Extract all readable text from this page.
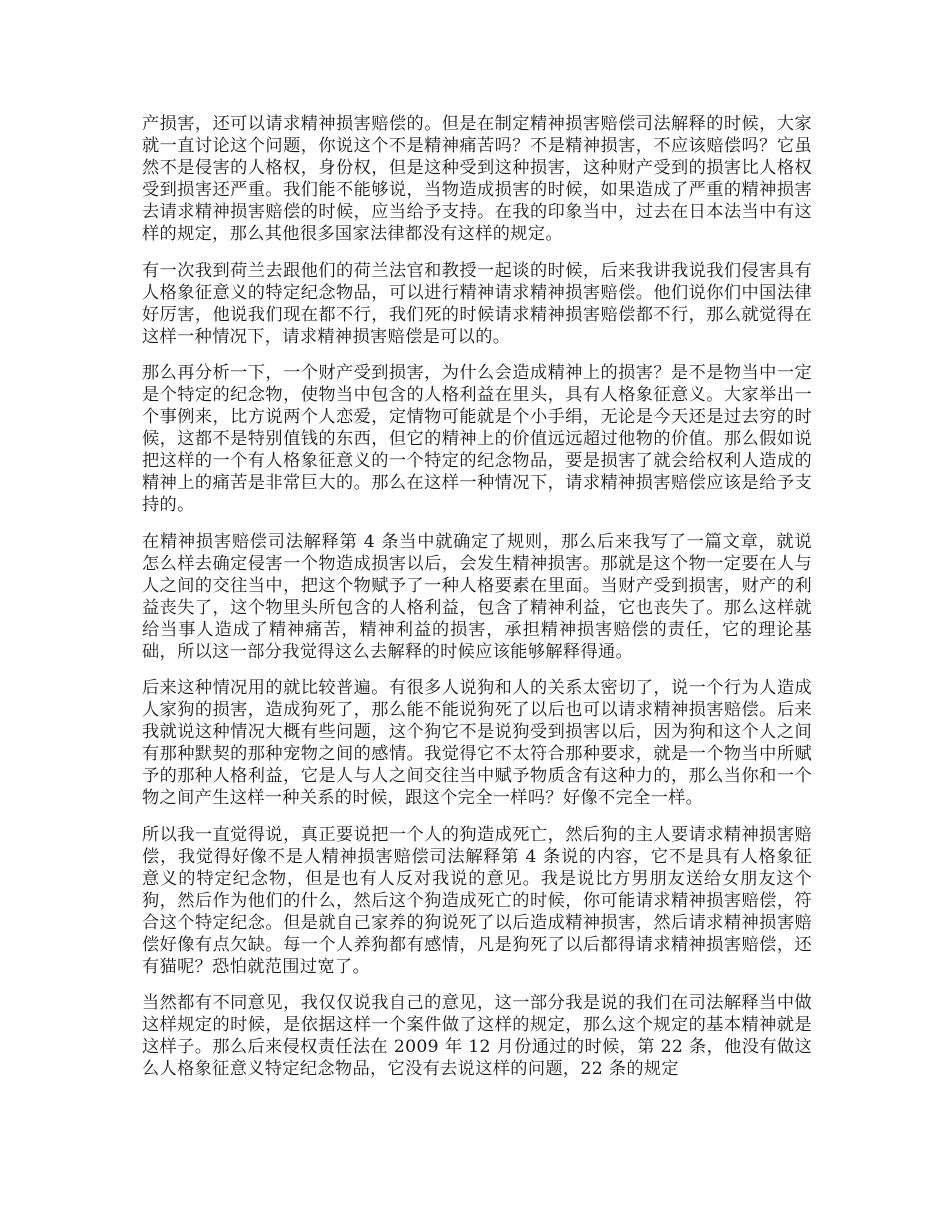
产损害，还可以请求精神损害赔偿的。但是在制定精神损害赔偿司法解释的时候，大家就一直讨论这个问题，你说这个不是精神痛苦吗？不是精神损害，不应该赔偿吗？它虽然不是侵害的人格权，身份权，但是这种受到这种损害，这种财产受到的损害比人格权受到损害还严重。我们能不能够说，当物造成损害的时候，如果造成了严重的精神损害去请求精神损害赔偿的时候，应当给予支持。在我的印象当中，过去在日本法当中有这样的规定，那么其他很多国家法律都没有这样的规定。

有一次我到荷兰去跟他们的荷兰法官和教授一起谈的时候，后来我讲我说我们侵害具有人格象征意义的特定纪念物品，可以进行精神请求精神损害赔偿。他们说你们中国法律好厉害，他说我们现在都不行，我们死的时候请求精神损害赔偿都不行，那么就觉得在这样一种情况下，请求精神损害赔偿是可以的。

那么再分析一下，一个财产受到损害，为什么会造成精神上的损害？是不是物当中一定是个特定的纪念物，使物当中包含的人格利益在里头，具有人格象征意义。大家举出一个事例来，比方说两个人恋爱，定情物可能就是个小手绢，无论是今天还是过去穷的时候，这都不是特别值钱的东西，但它的精神上的价值远远超过他物的价值。那么假如说把这样的一个有人格象征意义的一个特定的纪念物品，要是损害了就会给权利人造成的精神上的痛苦是非常巨大的。那么在这样一种情况下，请求精神损害赔偿应该是给予支持的。

在精神损害赔偿司法解释第 4 条当中就确定了规则，那么后来我写了一篇文章，就说怎么样去确定侵害一个物造成损害以后，会发生精神损害。那就是这个物一定要在人与人之间的交往当中，把这个物赋予了一种人格要素在里面。当财产受到损害，财产的利益丧失了，这个物里头所包含的人格利益，包含了精神利益，它也丧失了。那么这样就给当事人造成了精神痛苦，精神利益的损害，承担精神损害赔偿的责任，它的理论基础，所以这一部分我觉得这么去解释的时候应该能够解释得通。

后来这种情况用的就比较普遍。有很多人说狗和人的关系太密切了，说一个行为人造成人家狗的损害，造成狗死了，那么能不能说狗死了以后也可以请求精神损害赔偿。后来我就说这种情况大概有些问题，这个狗它不是说狗受到损害以后，因为狗和这个人之间有那种默契的那种宠物之间的感情。我觉得它不太符合那种要求，就是一个物当中所赋予的那种人格利益，它是人与人之间交往当中赋予物质含有这种力的，那么当你和一个物之间产生这样一种关系的时候，跟这个完全一样吗？好像不完全一样。

所以我一直觉得说，真正要说把一个人的狗造成死亡，然后狗的主人要请求精神损害赔偿，我觉得好像不是人精神损害赔偿司法解释第 4 条说的内容，它不是具有人格象征意义的特定纪念物，但是也有人反对我说的意见。我是说比方男朋友送给女朋友这个狗，然后作为他们的什么，然后这个狗造成死亡的时候，你可能请求精神损害赔偿，符合这个特定纪念。但是就自己家养的狗说死了以后造成精神损害，然后请求精神损害赔偿好像有点欠缺。每一个人养狗都有感情，凡是狗死了以后都得请求精神损害赔偿，还有猫呢？恐怕就范围过宽了。

当然都有不同意见，我仅仅说我自己的意见，这一部分我是说的我们在司法解释当中做这样规定的时候，是依据这样一个案件做了这样的规定，那么这个规定的基本精神就是这样子。那么后来侵权责任法在 2009 年 12 月份通过的时候，第 22 条，他没有做这么人格象征意义特定纪念物品，它没有去说这样的问题，22 条的规定
